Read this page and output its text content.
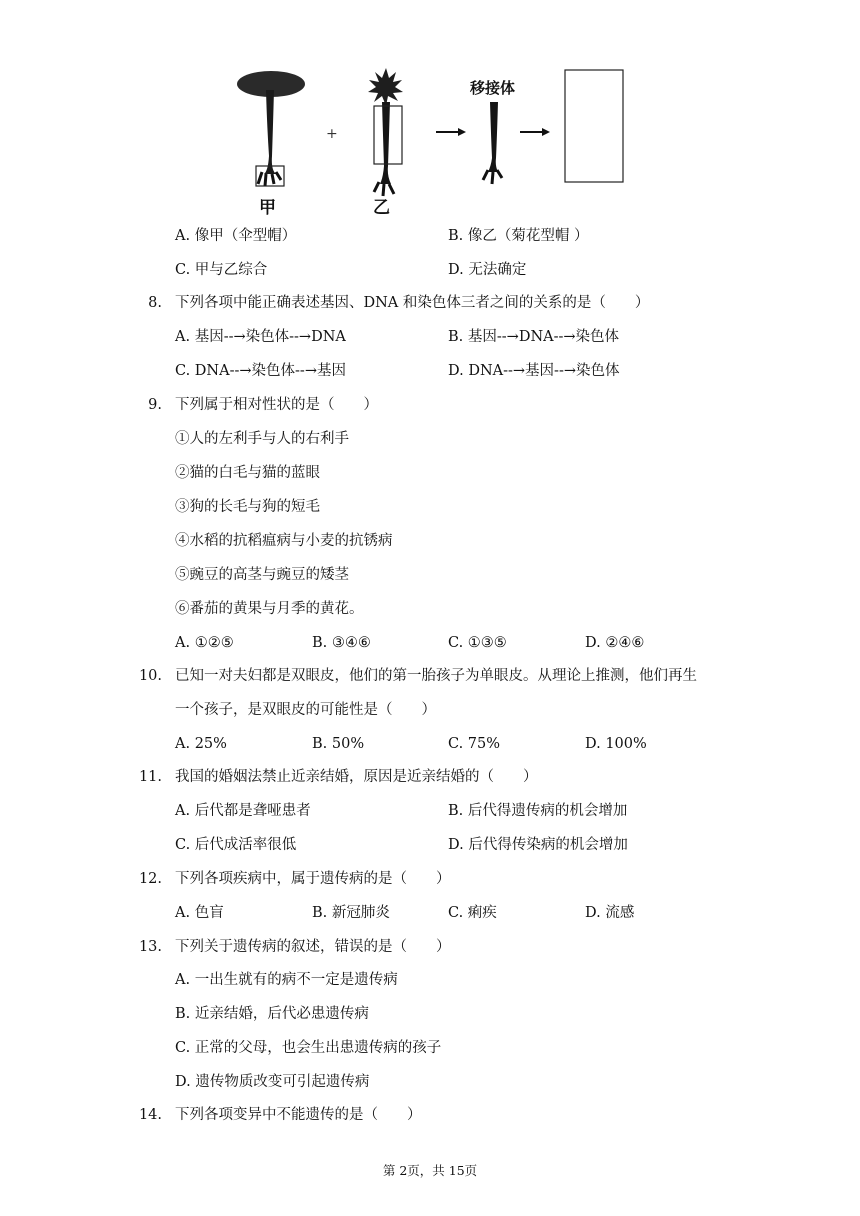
甲
+
乙
移接体
A. 像甲（伞型帽）	B. 像乙（菊花型帽 ）
C. 甲与乙综合	D. 无法确定
8. 下列各项中能正确表述基因、DNA 和染色体三者之间的关系的是（　　）
A. 基因--→染色体--→DNA	B. 基因--→DNA--→染色体
C. DNA--→染色体--→基因	D. DNA--→基因--→染色体
9. 下列属于相对性状的是（　　）
①人的左利手与人的右利手
②猫的白毛与猫的蓝眼
③狗的长毛与狗的短毛
④水稻的抗稻瘟病与小麦的抗锈病
⑤豌豆的高茎与豌豆的矮茎
⑥番茄的黄果与月季的黄花。
A. ①②⑤	B. ③④⑥	C. ①③⑤	D. ②④⑥
10. 已知一对夫妇都是双眼皮，他们的第一胎孩子为单眼皮。从理论上推测，他们再生
一个孩子，是双眼皮的可能性是（　　）
A. 25%	B. 50%	C. 75%	D. 100%
11. 我国的婚姻法禁止近亲结婚，原因是近亲结婚的（　　）
A. 后代都是聋哑患者	B. 后代得遗传病的机会增加
C. 后代成活率很低	D. 后代得传染病的机会增加
12. 下列各项疾病中，属于遗传病的是（　　）
A. 色盲	B. 新冠肺炎	C. 痢疾	D. 流感
13. 下列关于遗传病的叙述，错误的是（　　）
A. 一出生就有的病不一定是遗传病
B. 近亲结婚，后代必患遗传病
C. 正常的父母，也会生出患遗传病的孩子
D. 遗传物质改变可引起遗传病
14. 下列各项变异中不能遗传的是（　　）
第 2页，共 15页
